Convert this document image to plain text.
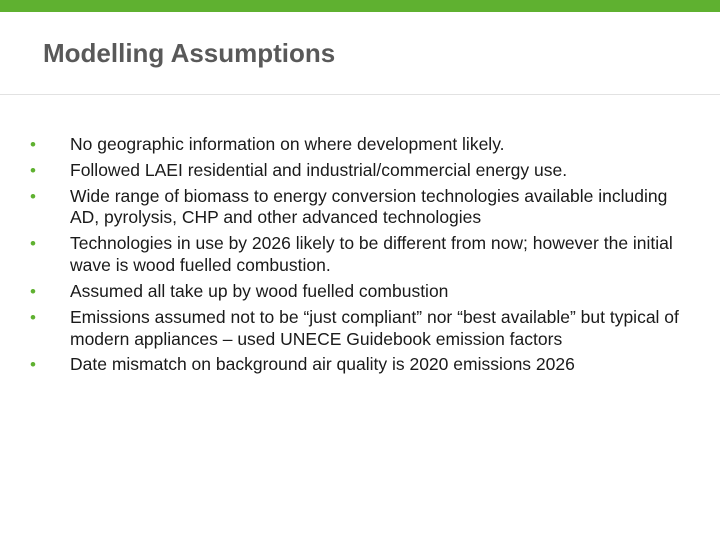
Modelling Assumptions
• No geographic information on where development likely.
• Followed LAEI residential and industrial/commercial energy use.
• Wide range of biomass to energy conversion technologies available including AD, pyrolysis, CHP and other advanced technologies
• Technologies in use by 2026 likely to be different from now; however the initial wave is wood fuelled combustion.
• Assumed all take up by wood fuelled combustion
• Emissions assumed not to be “just compliant” nor “best available” but typical of modern appliances – used UNECE Guidebook emission factors
• Date mismatch on background air quality is 2020 emissions 2026
